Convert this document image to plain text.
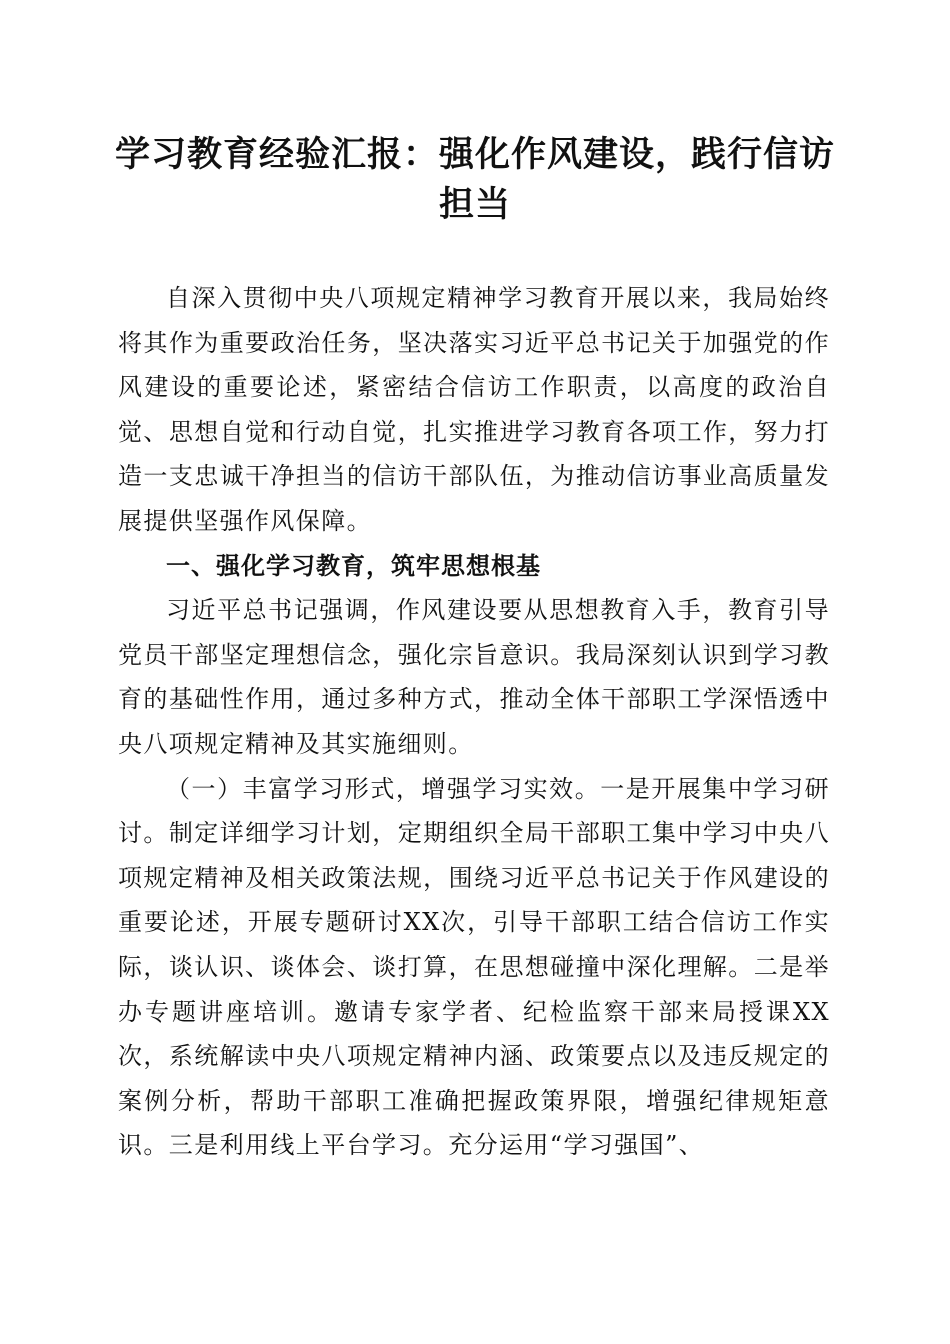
学习教育经验汇报：强化作风建设，践行信访担当

自深入贯彻中央八项规定精神学习教育开展以来，我局始终将其作为重要政治任务，坚决落实习近平总书记关于加强党的作风建设的重要论述，紧密结合信访工作职责，以高度的政治自觉、思想自觉和行动自觉，扎实推进学习教育各项工作，努力打造一支忠诚干净担当的信访干部队伍，为推动信访事业高质量发展提供坚强作风保障。

一、强化学习教育，筑牢思想根基

习近平总书记强调，作风建设要从思想教育入手，教育引导党员干部坚定理想信念，强化宗旨意识。我局深刻认识到学习教育的基础性作用，通过多种方式，推动全体干部职工学深悟透中央八项规定精神及其实施细则。

（一）丰富学习形式，增强学习实效。一是开展集中学习研讨。制定详细学习计划，定期组织全局干部职工集中学习中央八项规定精神及相关政策法规，围绕习近平总书记关于作风建设的重要论述，开展专题研讨XX次，引导干部职工结合信访工作实际，谈认识、谈体会、谈打算，在思想碰撞中深化理解。二是举办专题讲座培训。邀请专家学者、纪检监察干部来局授课XX次，系统解读中央八项规定精神内涵、政策要点以及违反规定的案例分析，帮助干部职工准确把握政策界限，增强纪律规矩意识。三是利用线上平台学习。充分运用“学习强国”、
